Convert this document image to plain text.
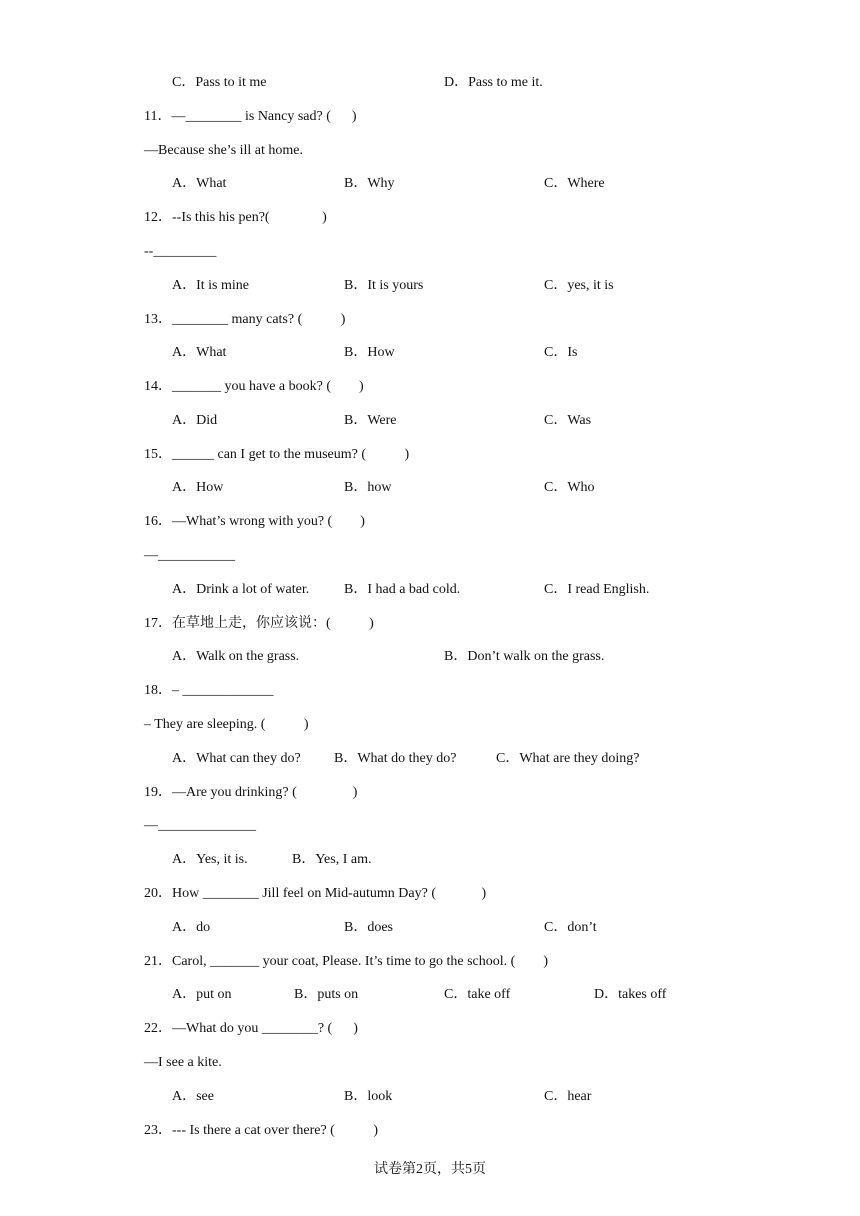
C．Pass to it me	D．Pass to me it.
11．—________ is Nancy sad? (      )
—Because she’s ill at home.
A．What	B．Why	C．Where
12．--Is this his pen?(               )
--_________
A．It is mine	B．It is yours	C．yes, it is
13．________ many cats? (           )
A．What	B．How	C．Is
14．_______ you have a book? (        )
A．Did	B．Were	C．Was
15．______ can I get to the museum? (           )
A．How	B．how	C．Who
16．—What’s wrong with you? (        )
—___________
A．Drink a lot of water. B．I had a bad cold.	C．I read English.
17．在草地上走，你应该说：(           )
A．Walk on the grass.	B．Don’t walk on the grass.
18．– _____________
– They are sleeping. (           )
A．What can they do? B．What do they do?	C．What are they doing?
19．—Are you drinking? (                )
—______________
A．Yes, it is.	B．Yes, I am.
20．How ________ Jill feel on Mid-autumn Day? (             )
A．do	B．does	C．don’t
21．Carol, _______ your coat, Please. It’s time to go the school. (        )
A．put on	B．puts on	C．take off	D．takes off
22．—What do you ________? (      )
—I see a kite.
A．see	B．look	C．hear
23．--- Is there a cat over there? (           )
试卷第2页，共5页
